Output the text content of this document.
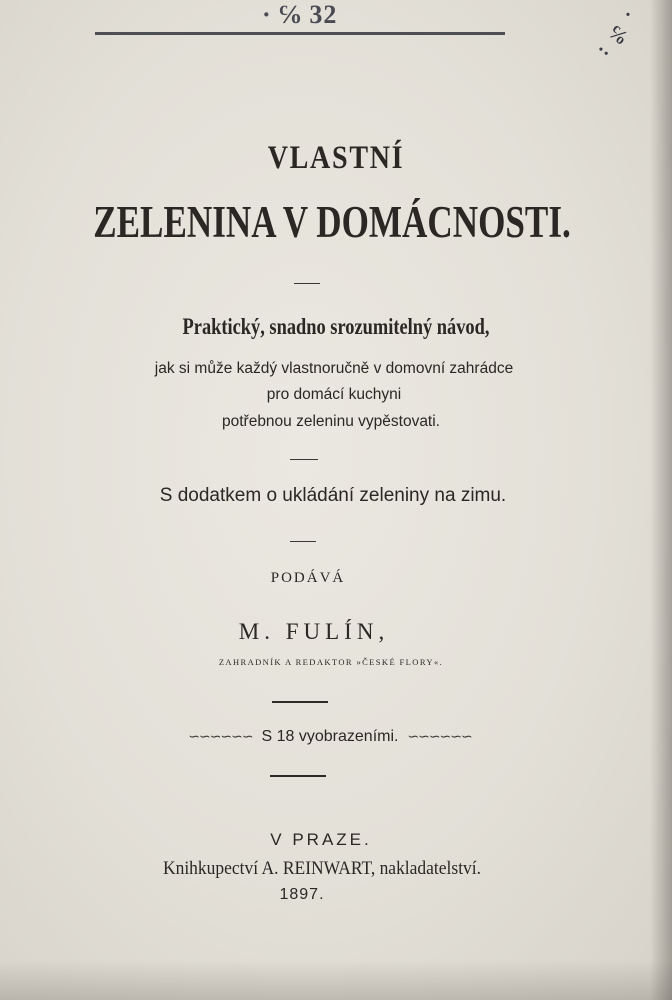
· ℅ 32	·
℅
··
VLASTNÍ
ZELENINA V DOMÁCNOSTI.
Praktický, snadno srozumitelný návod,
jak si může každý vlastnoručně v domovní zahrádce
pro domácí kuchyni
potřebnou zeleninu vypěstovati.
S dodatkem o ukládání zeleniny na zimu.
PODÁVÁ
M. FULÍN,
ZAHRADNÍK A REDAKTOR »ČESKÉ FLORY«.
∽∽∽∽∽∽ S 18 vyobrazeními. ∽∽∽∽∽∽
V PRAZE.
Knihkupectví A. REINWART, nakladatelství.
1897.
